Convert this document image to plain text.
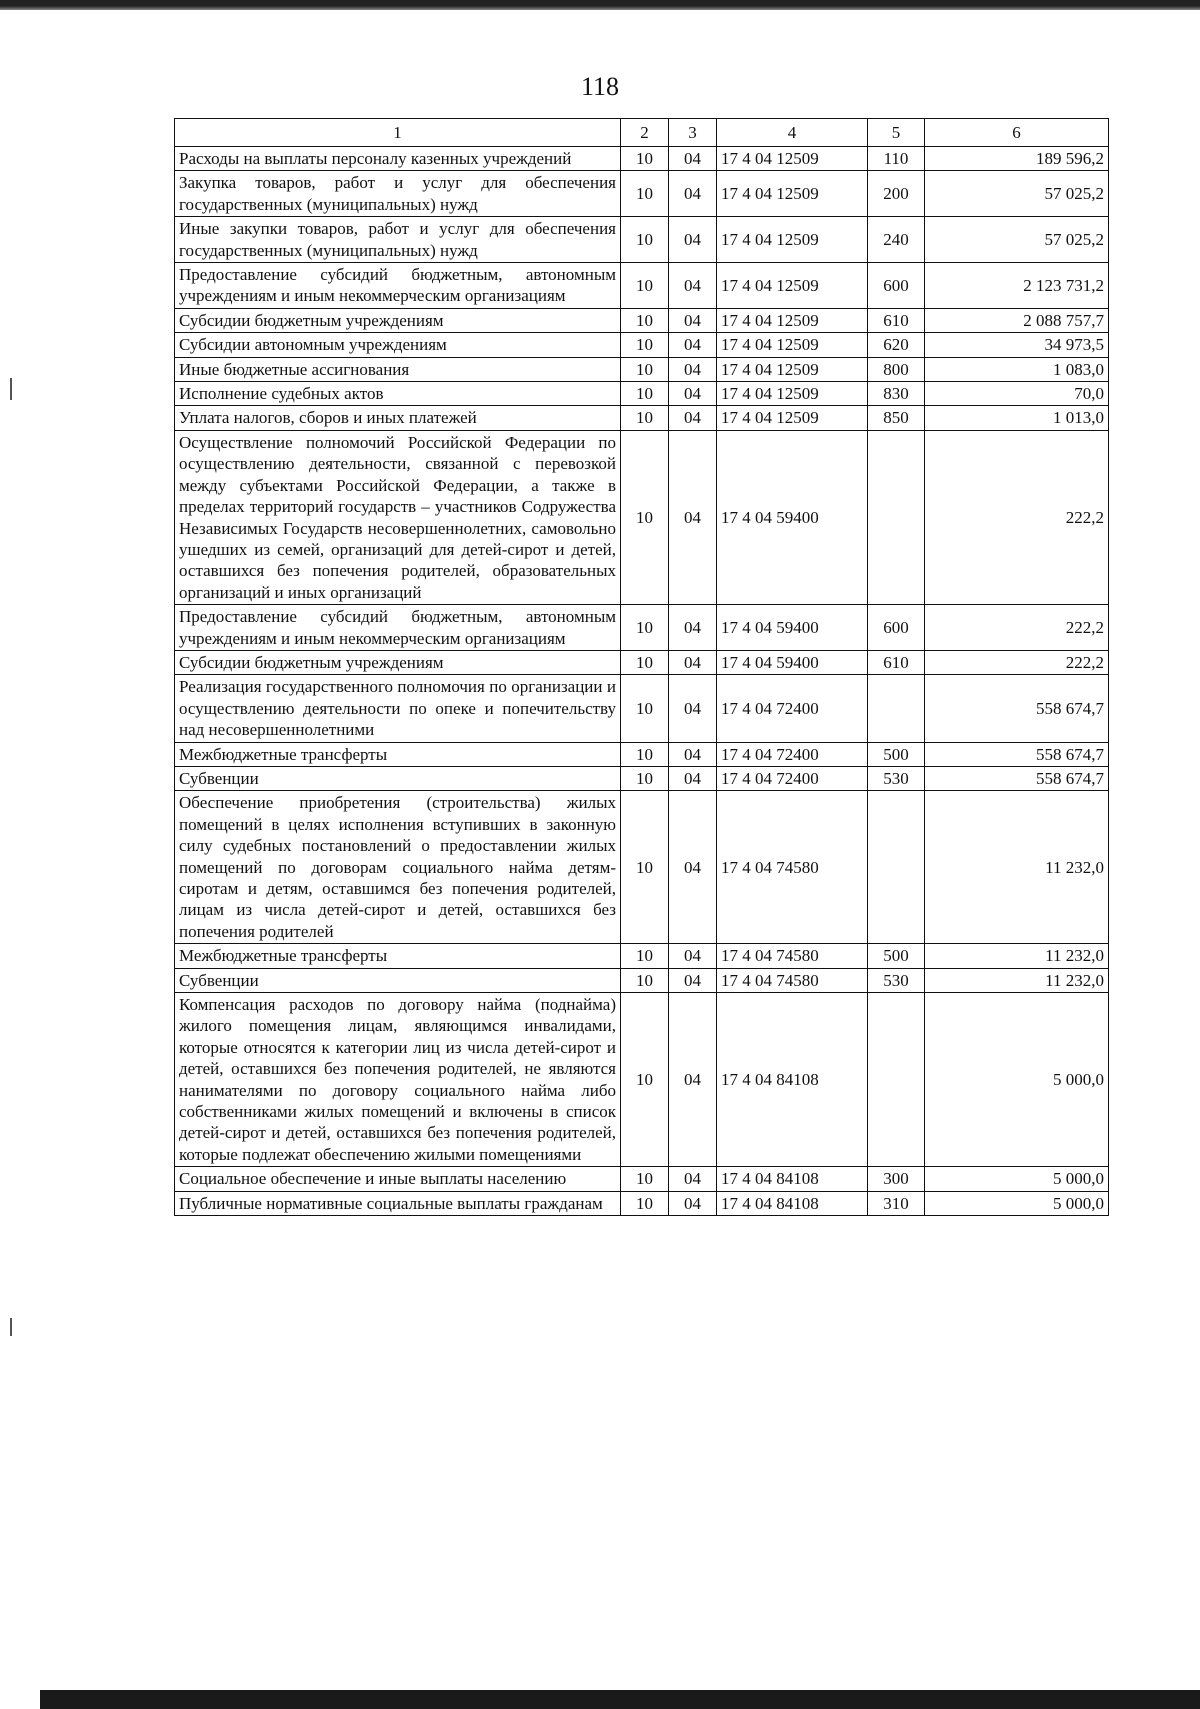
118
1	2	3	4	5	6
Расходы на выплаты персоналу казенных учреждений	10	04	17 4 04 12509	110	189 596,2
Закупка товаров, работ и услуг для обеспечения государственных (муниципальных) нужд	10	04	17 4 04 12509	200	57 025,2
Иные закупки товаров, работ и услуг для обеспечения государственных (муниципальных) нужд	10	04	17 4 04 12509	240	57 025,2
Предоставление субсидий бюджетным, автономным учреждениям и иным некоммерческим организациям	10	04	17 4 04 12509	600	2 123 731,2
Субсидии бюджетным учреждениям	10	04	17 4 04 12509	610	2 088 757,7
Субсидии автономным учреждениям	10	04	17 4 04 12509	620	34 973,5
Иные бюджетные ассигнования	10	04	17 4 04 12509	800	1 083,0
Исполнение судебных актов	10	04	17 4 04 12509	830	70,0
Уплата налогов, сборов и иных платежей	10	04	17 4 04 12509	850	1 013,0
Осуществление полномочий Российской Федерации по осуществлению деятельности, связанной с перевозкой между субъектами Российской Федерации, а также в пределах территорий государств – участников Содружества Независимых Государств несовершеннолетних, самовольно ушедших из семей, организаций для детей-сирот и детей, оставшихся без попечения родителей, образовательных организаций и иных организаций	10	04	17 4 04 59400		222,2
Предоставление субсидий бюджетным, автономным учреждениям и иным некоммерческим организациям	10	04	17 4 04 59400	600	222,2
Субсидии бюджетным учреждениям	10	04	17 4 04 59400	610	222,2
Реализация государственного полномочия по организации и осуществлению деятельности по опеке и попечительству над несовершеннолетними	10	04	17 4 04 72400		558 674,7
Межбюджетные трансферты	10	04	17 4 04 72400	500	558 674,7
Субвенции	10	04	17 4 04 72400	530	558 674,7
Обеспечение приобретения (строительства) жилых помещений в целях исполнения вступивших в законную силу судебных постановлений о предоставлении жилых помещений по договорам социального найма детям-сиротам и детям, оставшимся без попечения родителей, лицам из числа детей-сирот и детей, оставшихся без попечения родителей	10	04	17 4 04 74580		11 232,0
Межбюджетные трансферты	10	04	17 4 04 74580	500	11 232,0
Субвенции	10	04	17 4 04 74580	530	11 232,0
Компенсация расходов по договору найма (поднайма) жилого помещения лицам, являющимся инвалидами, которые относятся к категории лиц из числа детей-сирот и детей, оставшихся без попечения родителей, не являются нанимателями по договору социального найма либо собственниками жилых помещений и включены в список детей-сирот и детей, оставшихся без попечения родителей, которые подлежат обеспечению жилыми помещениями	10	04	17 4 04 84108		5 000,0
Социальное обеспечение и иные выплаты населению	10	04	17 4 04 84108	300	5 000,0
Публичные нормативные социальные выплаты гражданам	10	04	17 4 04 84108	310	5 000,0
